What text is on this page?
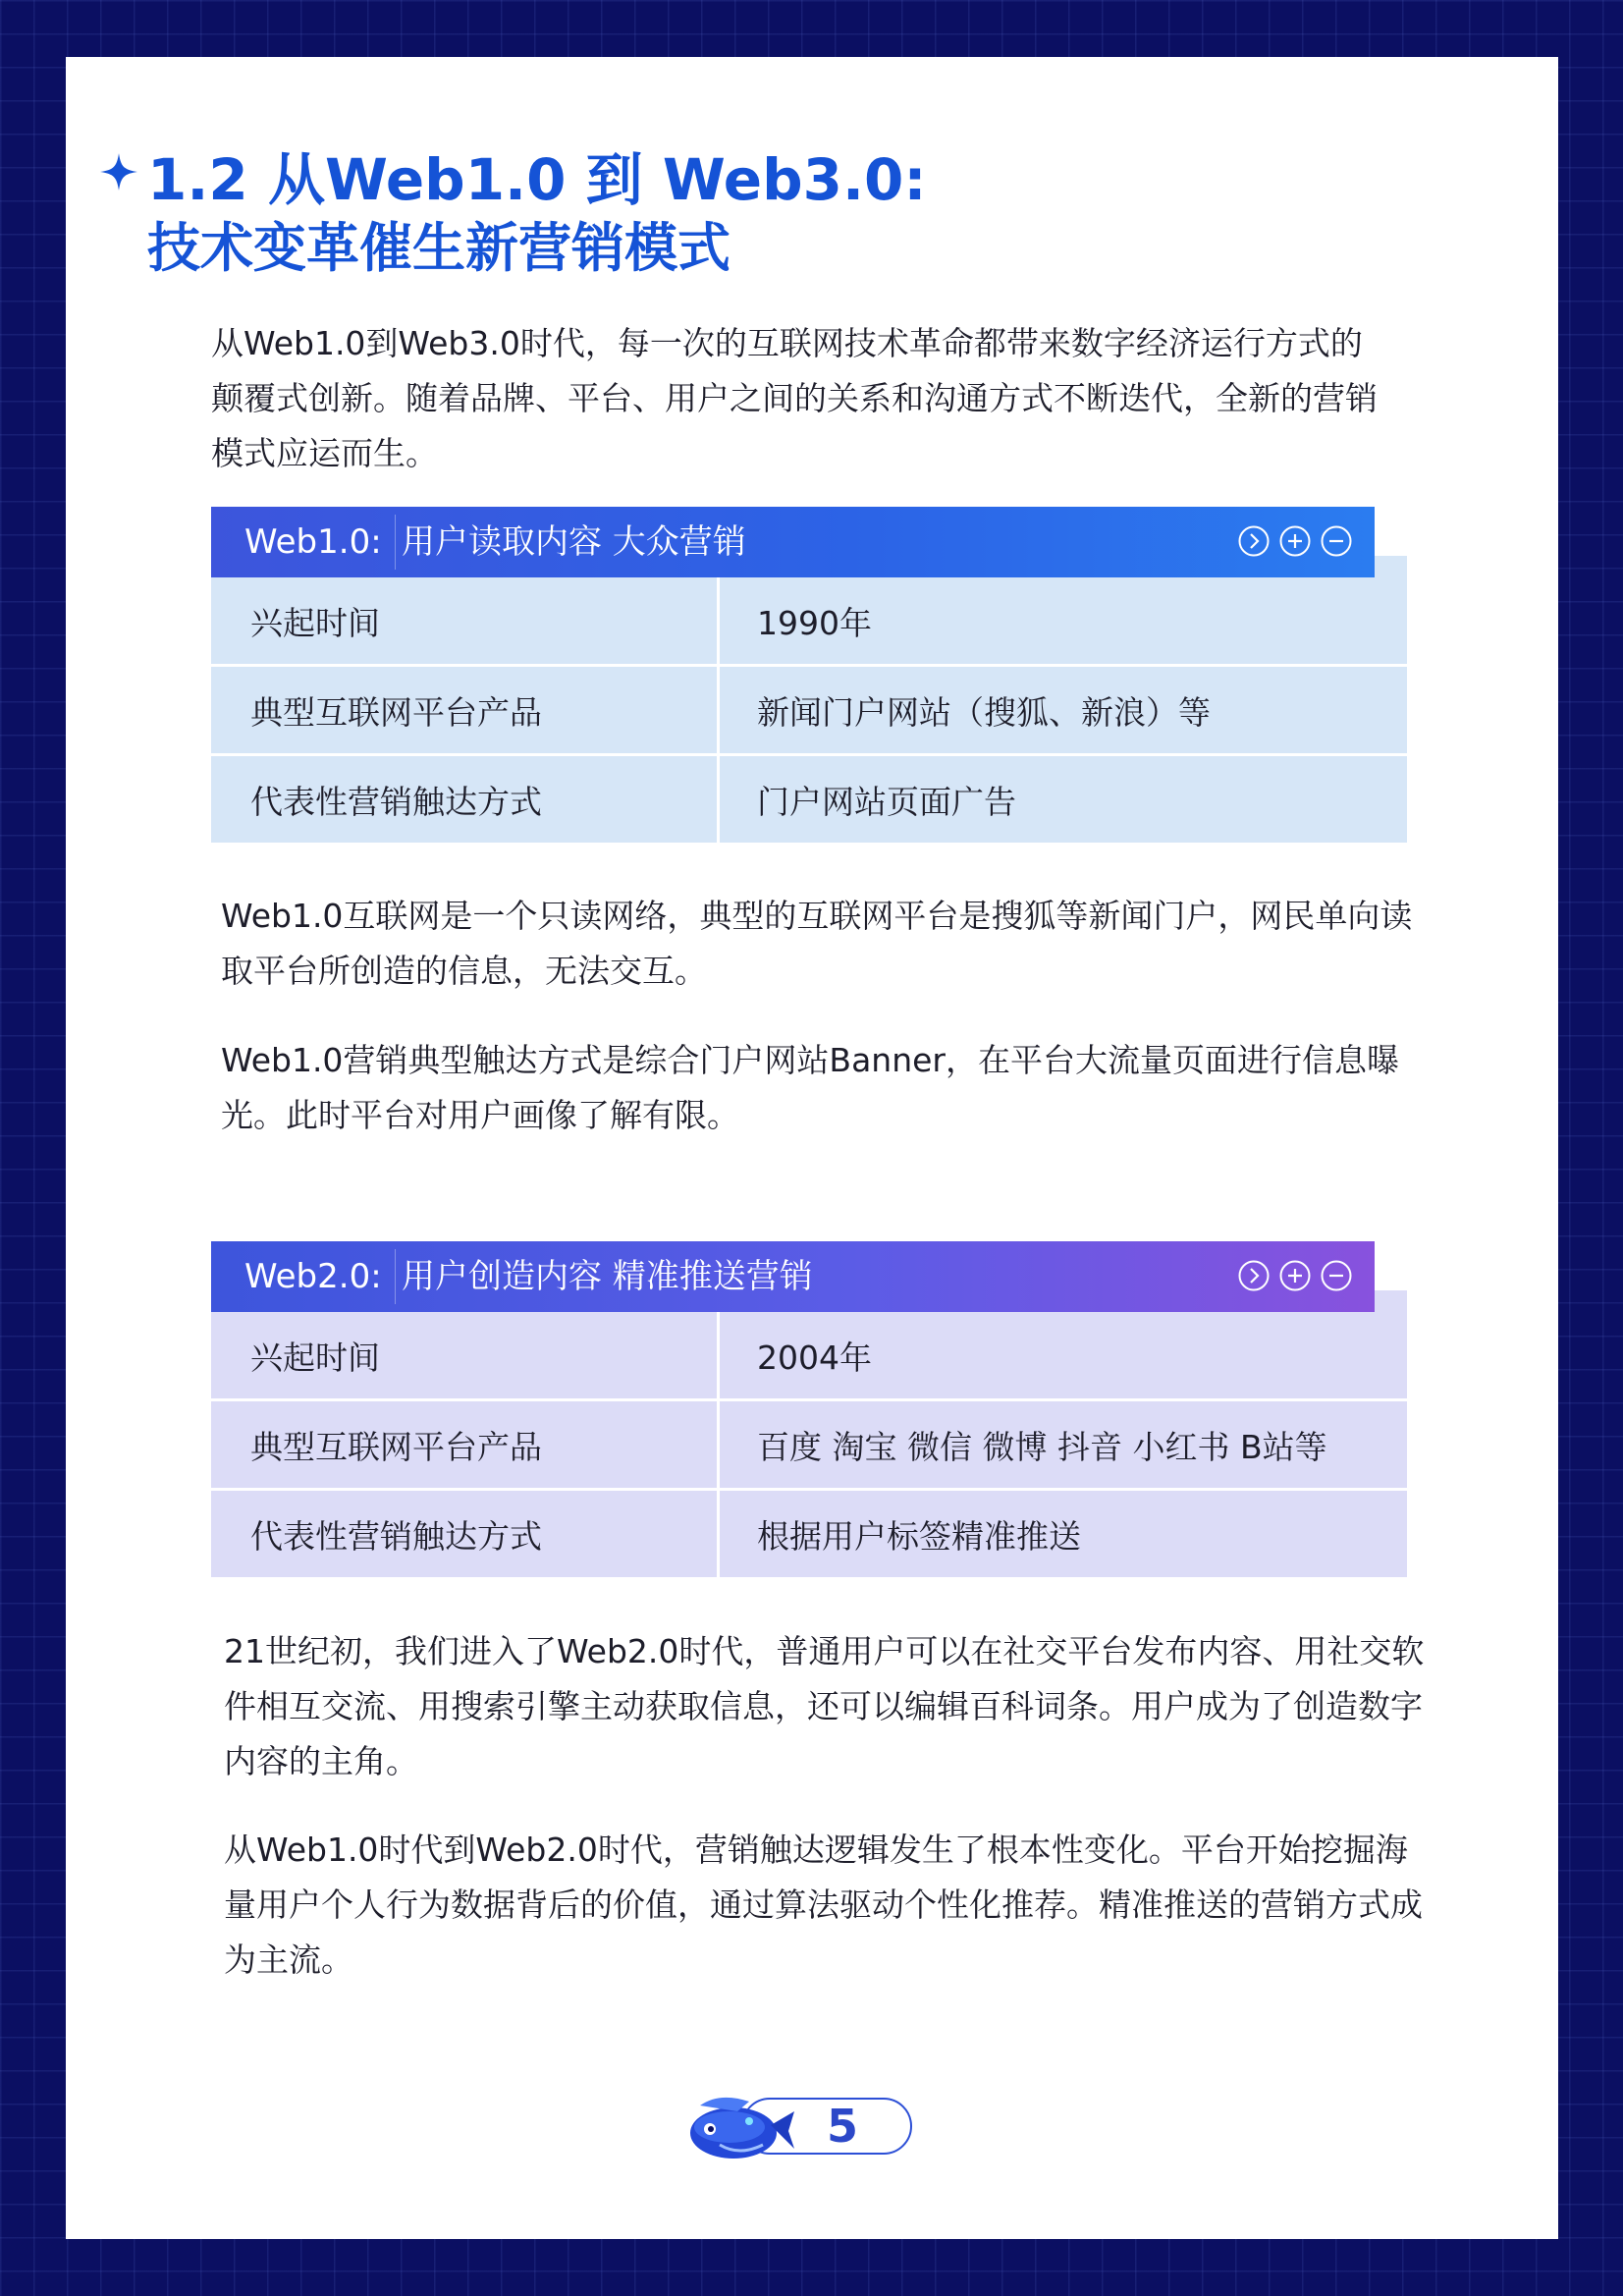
1.2 从Web1.0 到 Web3.0:
技术变革催生新营销模式
从Web1.0到Web3.0时代，每一次的互联网技术革命都带来数字经济运行方式的
颠覆式创新。随着品牌、平台、用户之间的关系和沟通方式不断迭代，全新的营销
模式应运而生。
兴起时间	1990年
典型互联网平台产品	新闻门户网站（搜狐、新浪）等
代表性营销触达方式	门户网站页面广告
Web1.0: 用户读取内容 大众营销
Web1.0互联网是一个只读网络，典型的互联网平台是搜狐等新闻门户，网民单向读
取平台所创造的信息，无法交互。
Web1.0营销典型触达方式是综合门户网站Banner，在平台大流量页面进行信息曝
光。此时平台对用户画像了解有限。
兴起时间	2004年
典型互联网平台产品	百度 淘宝 微信 微博 抖音 小红书 B站等
代表性营销触达方式	根据用户标签精准推送
Web2.0: 用户创造内容 精准推送营销
21世纪初，我们进入了Web2.0时代，普通用户可以在社交平台发布内容、用社交软
件相互交流、用搜索引擎主动获取信息，还可以编辑百科词条。用户成为了创造数字
内容的主角。
从Web1.0时代到Web2.0时代，营销触达逻辑发生了根本性变化。平台开始挖掘海
量用户个人行为数据背后的价值，通过算法驱动个性化推荐。精准推送的营销方式成
为主流。
5
